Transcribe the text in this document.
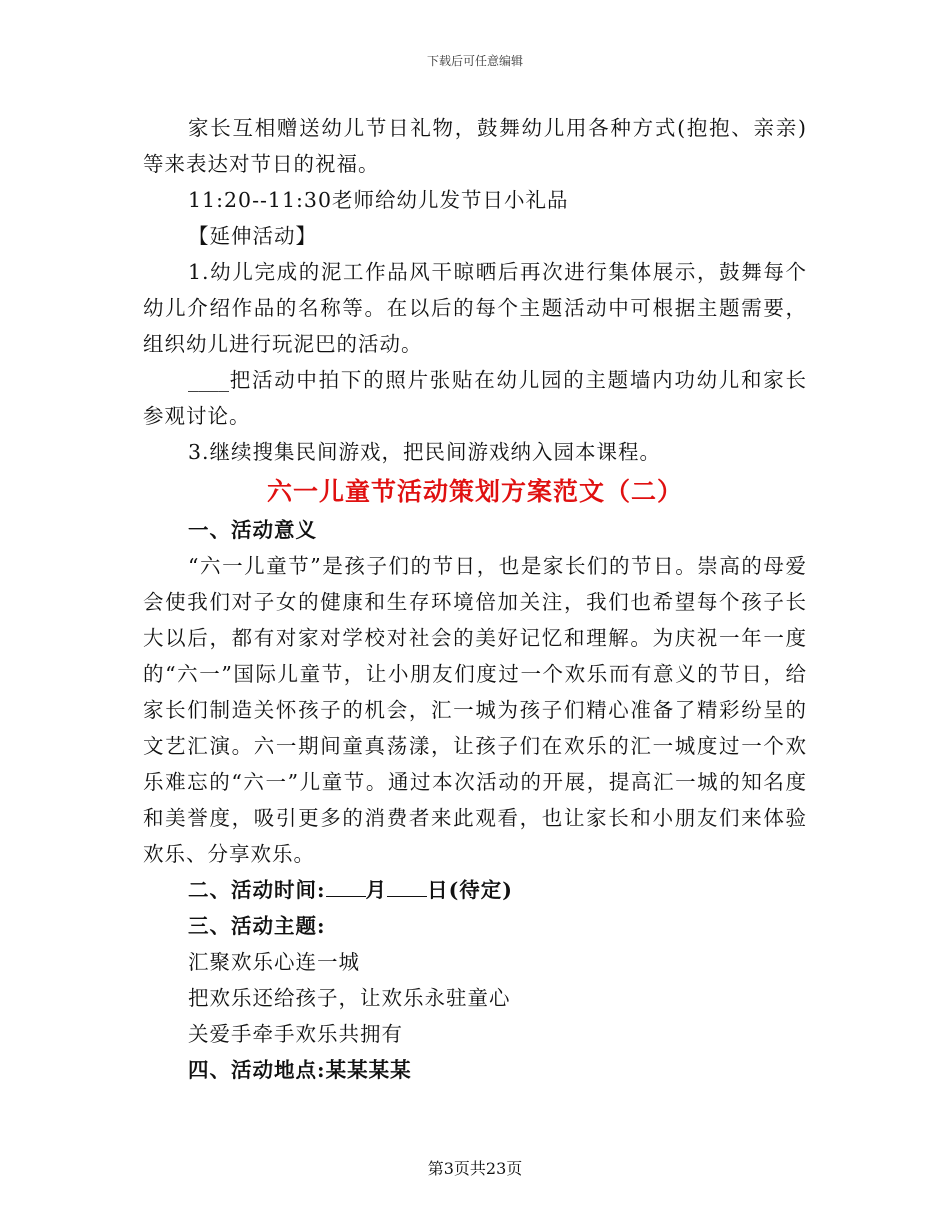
下载后可任意编辑

家长互相赠送幼儿节日礼物，鼓舞幼儿用各种方式(抱抱、亲亲)等来表达对节日的祝福。

11:20--11:30老师给幼儿发节日小礼品

【延伸活动】

1.幼儿完成的泥工作品风干晾晒后再次进行集体展示，鼓舞每个幼儿介绍作品的名称等。在以后的每个主题活动中可根据主题需要，组织幼儿进行玩泥巴的活动。

____把活动中拍下的照片张贴在幼儿园的主题墙内功幼儿和家长参观讨论。

3.继续搜集民间游戏，把民间游戏纳入园本课程。

六一儿童节活动策划方案范文（二）

一、活动意义

“六一儿童节”是孩子们的节日，也是家长们的节日。崇高的母爱会使我们对子女的健康和生存环境倍加关注，我们也希望每个孩子长大以后，都有对家对学校对社会的美好记忆和理解。为庆祝一年一度的“六一”国际儿童节，让小朋友们度过一个欢乐而有意义的节日，给家长们制造关怀孩子的机会，汇一城为孩子们精心准备了精彩纷呈的文艺汇演。六一期间童真荡漾，让孩子们在欢乐的汇一城度过一个欢乐难忘的“六一”儿童节。通过本次活动的开展，提高汇一城的知名度和美誉度，吸引更多的消费者来此观看，也让家长和小朋友们来体验欢乐、分享欢乐。

二、活动时间: 月 日(待定)

三、活动主题:

汇聚欢乐心连一城

把欢乐还给孩子，让欢乐永驻童心

关爱手牵手欢乐共拥有

四、活动地点:某某某某

第3页共23页
